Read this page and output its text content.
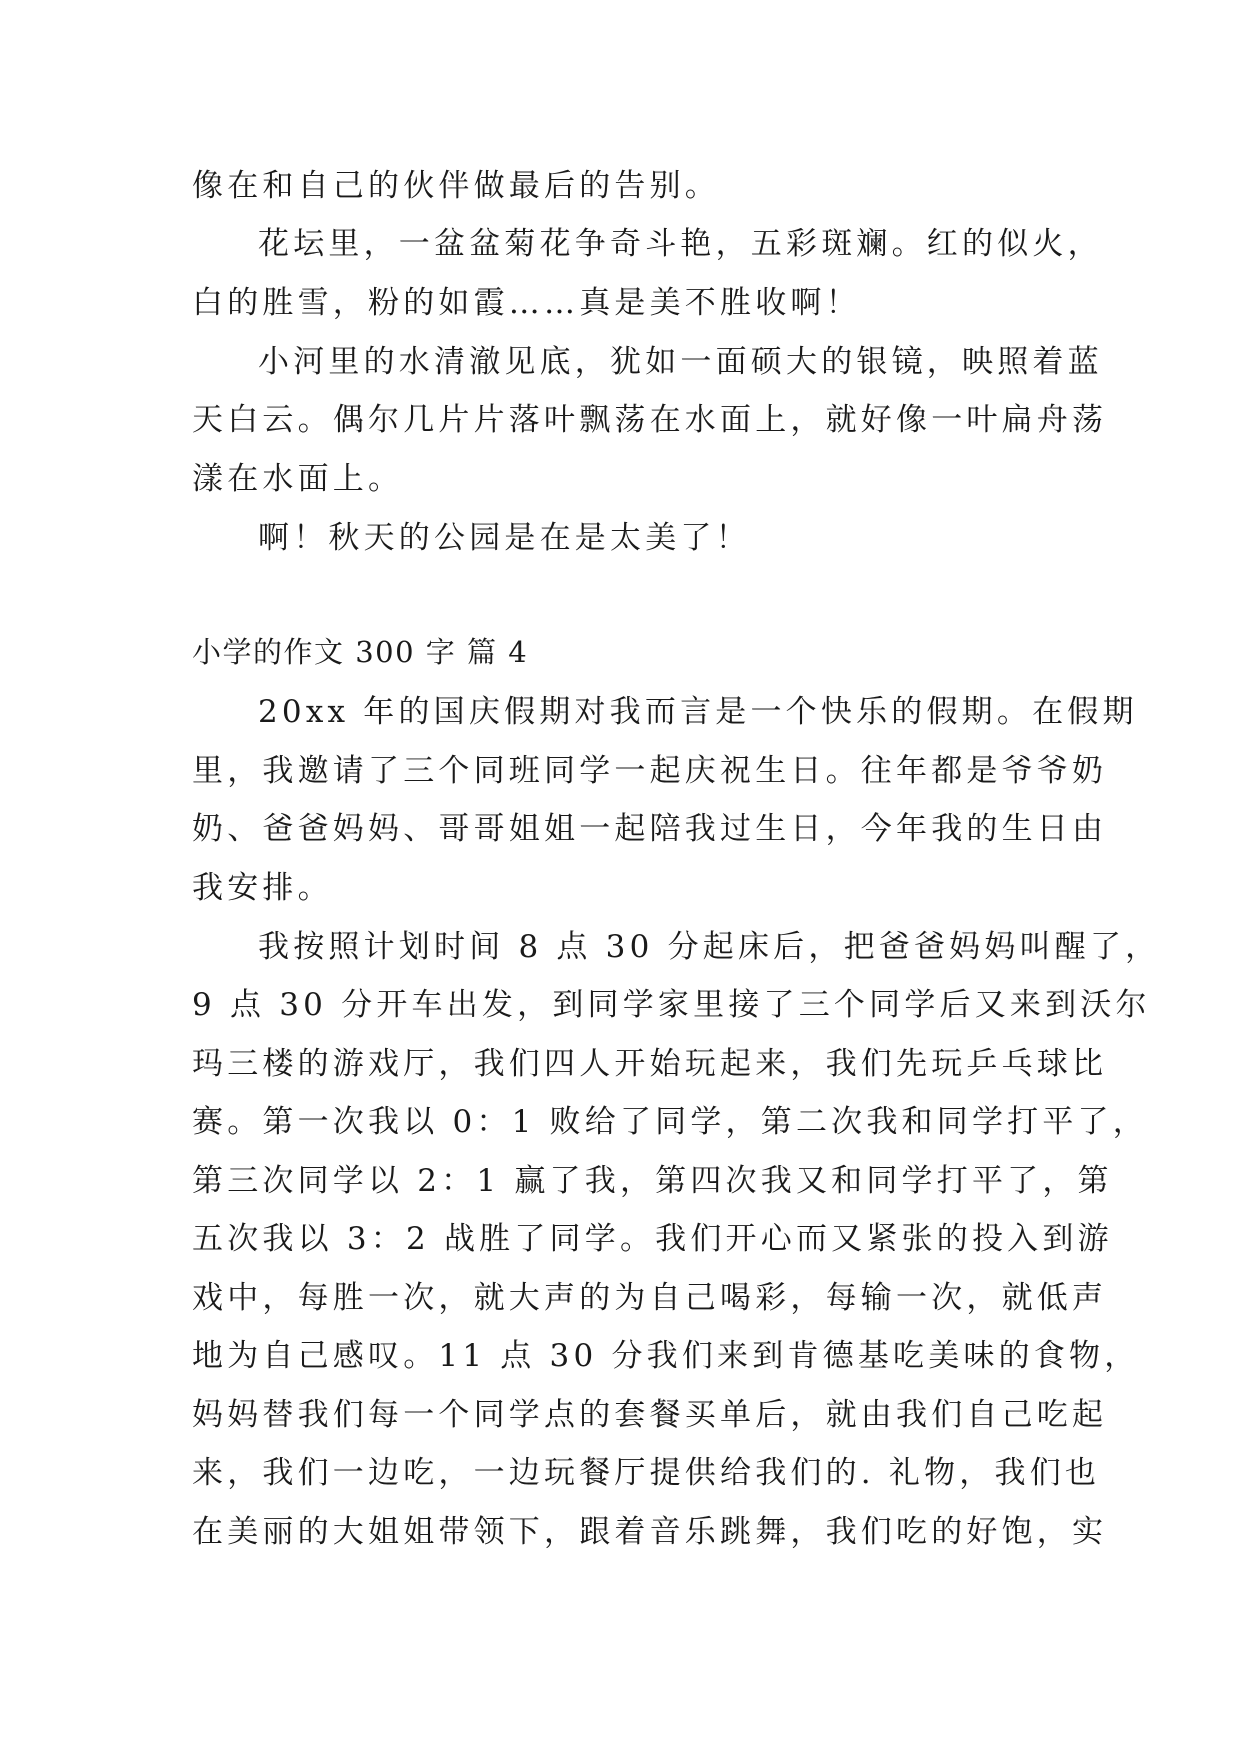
像在和自己的伙伴做最后的告别。
花坛里，一盆盆菊花争奇斗艳，五彩斑斓。红的似火，
白的胜雪，粉的如霞……真是美不胜收啊！
小河里的水清澈见底，犹如一面硕大的银镜，映照着蓝
天白云。偶尔几片片落叶飘荡在水面上，就好像一叶扁舟荡
漾在水面上。
啊！秋天的公园是在是太美了！
小学的作文 300 字 篇 4
20xx 年的国庆假期对我而言是一个快乐的假期。在假期
里，我邀请了三个同班同学一起庆祝生日。往年都是爷爷奶
奶、爸爸妈妈、哥哥姐姐一起陪我过生日，今年我的生日由
我安排。
我按照计划时间 8 点 30 分起床后，把爸爸妈妈叫醒了，
9 点 30 分开车出发，到同学家里接了三个同学后又来到沃尔
玛三楼的游戏厅，我们四人开始玩起来，我们先玩乒乓球比
赛。第一次我以 0：1 败给了同学，第二次我和同学打平了，
第三次同学以 2：1 赢了我，第四次我又和同学打平了，第
五次我以 3：2 战胜了同学。我们开心而又紧张的投入到游
戏中，每胜一次，就大声的为自己喝彩，每输一次，就低声
地为自己感叹。11 点 30 分我们来到肯德基吃美味的食物，
妈妈替我们每一个同学点的套餐买单后，就由我们自己吃起
来，我们一边吃，一边玩餐厅提供给我们的. 礼物，我们也
在美丽的大姐姐带领下，跟着音乐跳舞，我们吃的好饱，实
